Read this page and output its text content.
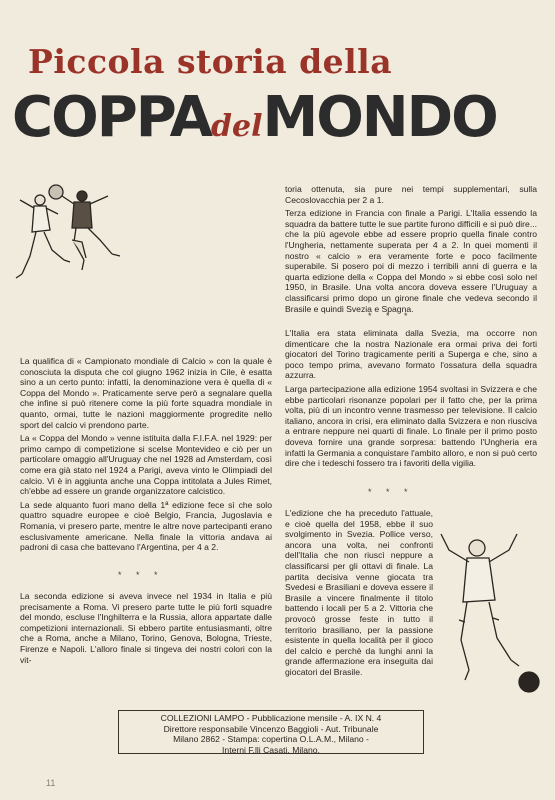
Piccola storia della
COPPAdelMONDO

La qualifica di « Campionato mondiale di Calcio » con la quale è conosciuta la disputa che col giugno 1962 inizia in Cile, è esatta sino a un certo punto: infatti, la denominazione vera è quella di « Coppa del Mondo ». Praticamente serve però a segnalare quella che infine si può ritenere come la più forte squadra mondiale in quanto, ormai, tutte le nazioni maggiormente progredite nello sport del calcio vi prendono parte.

La « Coppa del Mondo » venne istituita dalla F.I.F.A. nel 1929: per primo campo di competizione si scelse Montevideo e ciò per un particolare omaggio all'Uruguay che nel 1928 ad Amsterdam, così come era già stato nel 1924 a Parigi, aveva vinto le Olimpiadi del calcio. Vi è in aggiunta anche una Coppa intitolata a Jules Rimet, ch'ebbe ad essere un grande organizzatore calcistico.

La sede alquanto fuori mano della 1ª edizione fece sì che solo quattro squadre europee e cioè Belgio, Francia, Jugoslavia e Romania, vi presero parte, mentre le altre nove partecipanti erano esclusivamente americane. Nella finale la vittoria andava ai padroni di casa che battevano l'Argentina, per 4 a 2.

* * *

La seconda edizione si aveva invece nel 1934 in Italia e più precisamente a Roma. Vi presero parte tutte le più forti squadre del mondo, escluse l'Inghilterra e la Russia, allora appartate dalle competizioni internazionali. Si ebbero partite entusiasmanti, oltre che a Roma, anche a Milano, Torino, Genova, Bologna, Trieste, Firenze e Napoli. L'alloro finale si tingeva dei nostri colori con la vit-

toria ottenuta, sia pure nei tempi supplementari, sulla Cecoslovacchia per 2 a 1.

Terza edizione in Francia con finale a Parigi. L'Italia essendo la squadra da battere tutte le sue partite furono difficili e si può dire... che la più agevole ebbe ad essere proprio quella finale contro l'Ungheria, nettamente superata per 4 a 2. In quei momenti il nostro « calcio » era veramente forte e poco facilmente superabile. Si posero poi di mezzo i terribili anni di guerra e la quarta edizione della « Coppa del Mondo » si ebbe così solo nel 1950, in Brasile. Una volta ancora doveva essere l'Uruguay a classificarsi primo dopo un girone finale che vedeva secondo il Brasile e quindi Svezia e Spagna.

* * *

L'Italia era stata eliminata dalla Svezia, ma occorre non dimenticare che la nostra Nazionale era ormai priva dei forti giocatori del Torino tragicamente periti a Superga e che, sino a poco tempo prima, avevano formato l'ossatura della squadra azzurra.

Larga partecipazione alla edizione 1954 svoltasi in Svizzera e che ebbe particolari risonanze popolari per il fatto che, per la prima volta, più di un incontro venne trasmesso per televisione. Il calcio italiano, ancora in crisi, era eliminato dalla Svizzera e non riusciva a entrare neppure nei quarti di finale. Lo finale per il primo posto doveva fornire una grande sorpresa: battendo l'Ungheria era infatti la Germania a conquistare l'ambito alloro, e non si può certo dire che i tedeschi fossero tra i favoriti della vigilia.

* * *

L'edizione che ha preceduto l'attuale, e cioè quella del 1958, ebbe il suo svolgimento in Svezia. Pollice verso, ancora una volta, nei confronti dell'Italia che non riuscì neppure a classificarsi per gli ottavi di finale. La partita decisiva venne giocata tra Svedesi e Brasiliani e doveva essere il Brasile a vincere finalmente il titolo battendo i locali per 5 a 2. Vittoria che provocò grosse feste in tutto il territorio brasiliano, per la passione esistente in quella località per il gioco del calcio e perchè da lunghi anni la grande affermazione era inseguita dai giocatori del Brasile.

COLLEZIONI LAMPO - Pubblicazione mensile - A. IX N. 4
Direttore responsabile Vincenzo Baggioli - Aut. Tribunale
Milano 2862 - Stampa: copertina O.L.A.M., Milano -
Interni F.lli Casati, Milano.
11
